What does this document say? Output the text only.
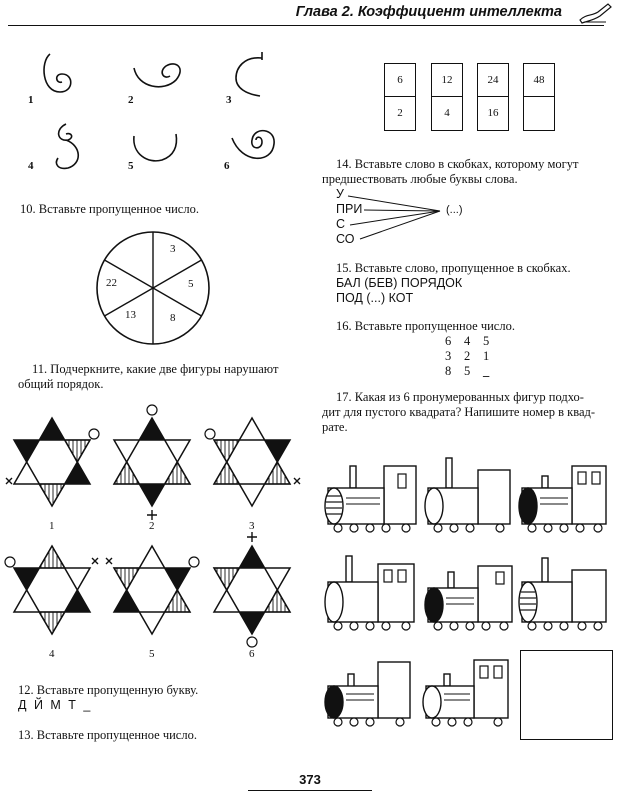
Глава 2. Коэффициент интеллекта
1	2	3
4	5	6
6
2
12
4
24
16
48
10. Вставьте пропущенное число.
3
5
8
13
22
11. Подчеркните, какие две фигуры нарушают
общий порядок.
1	2	3
4	5	6
12. Вставьте пропущенную букву.
Д Й М Т _
13. Вставьте пропущенное число.
14. Вставьте слово в скобках, которому могут
предшествовать любые буквы слова.
У
ПРИ
С
СО
(...)
15. Вставьте слово, пропущенное в скобках.
БАЛ (БЕВ) ПОРЯДОК
ПОД (...) КОТ
16. Вставьте пропущенное число.
6 4 5
3 2 1
8 5 _
17. Какая из 6 пронумерованных фигур подхо-
дит для пустого квадрата? Напишите номер в квад-
рате.
373
